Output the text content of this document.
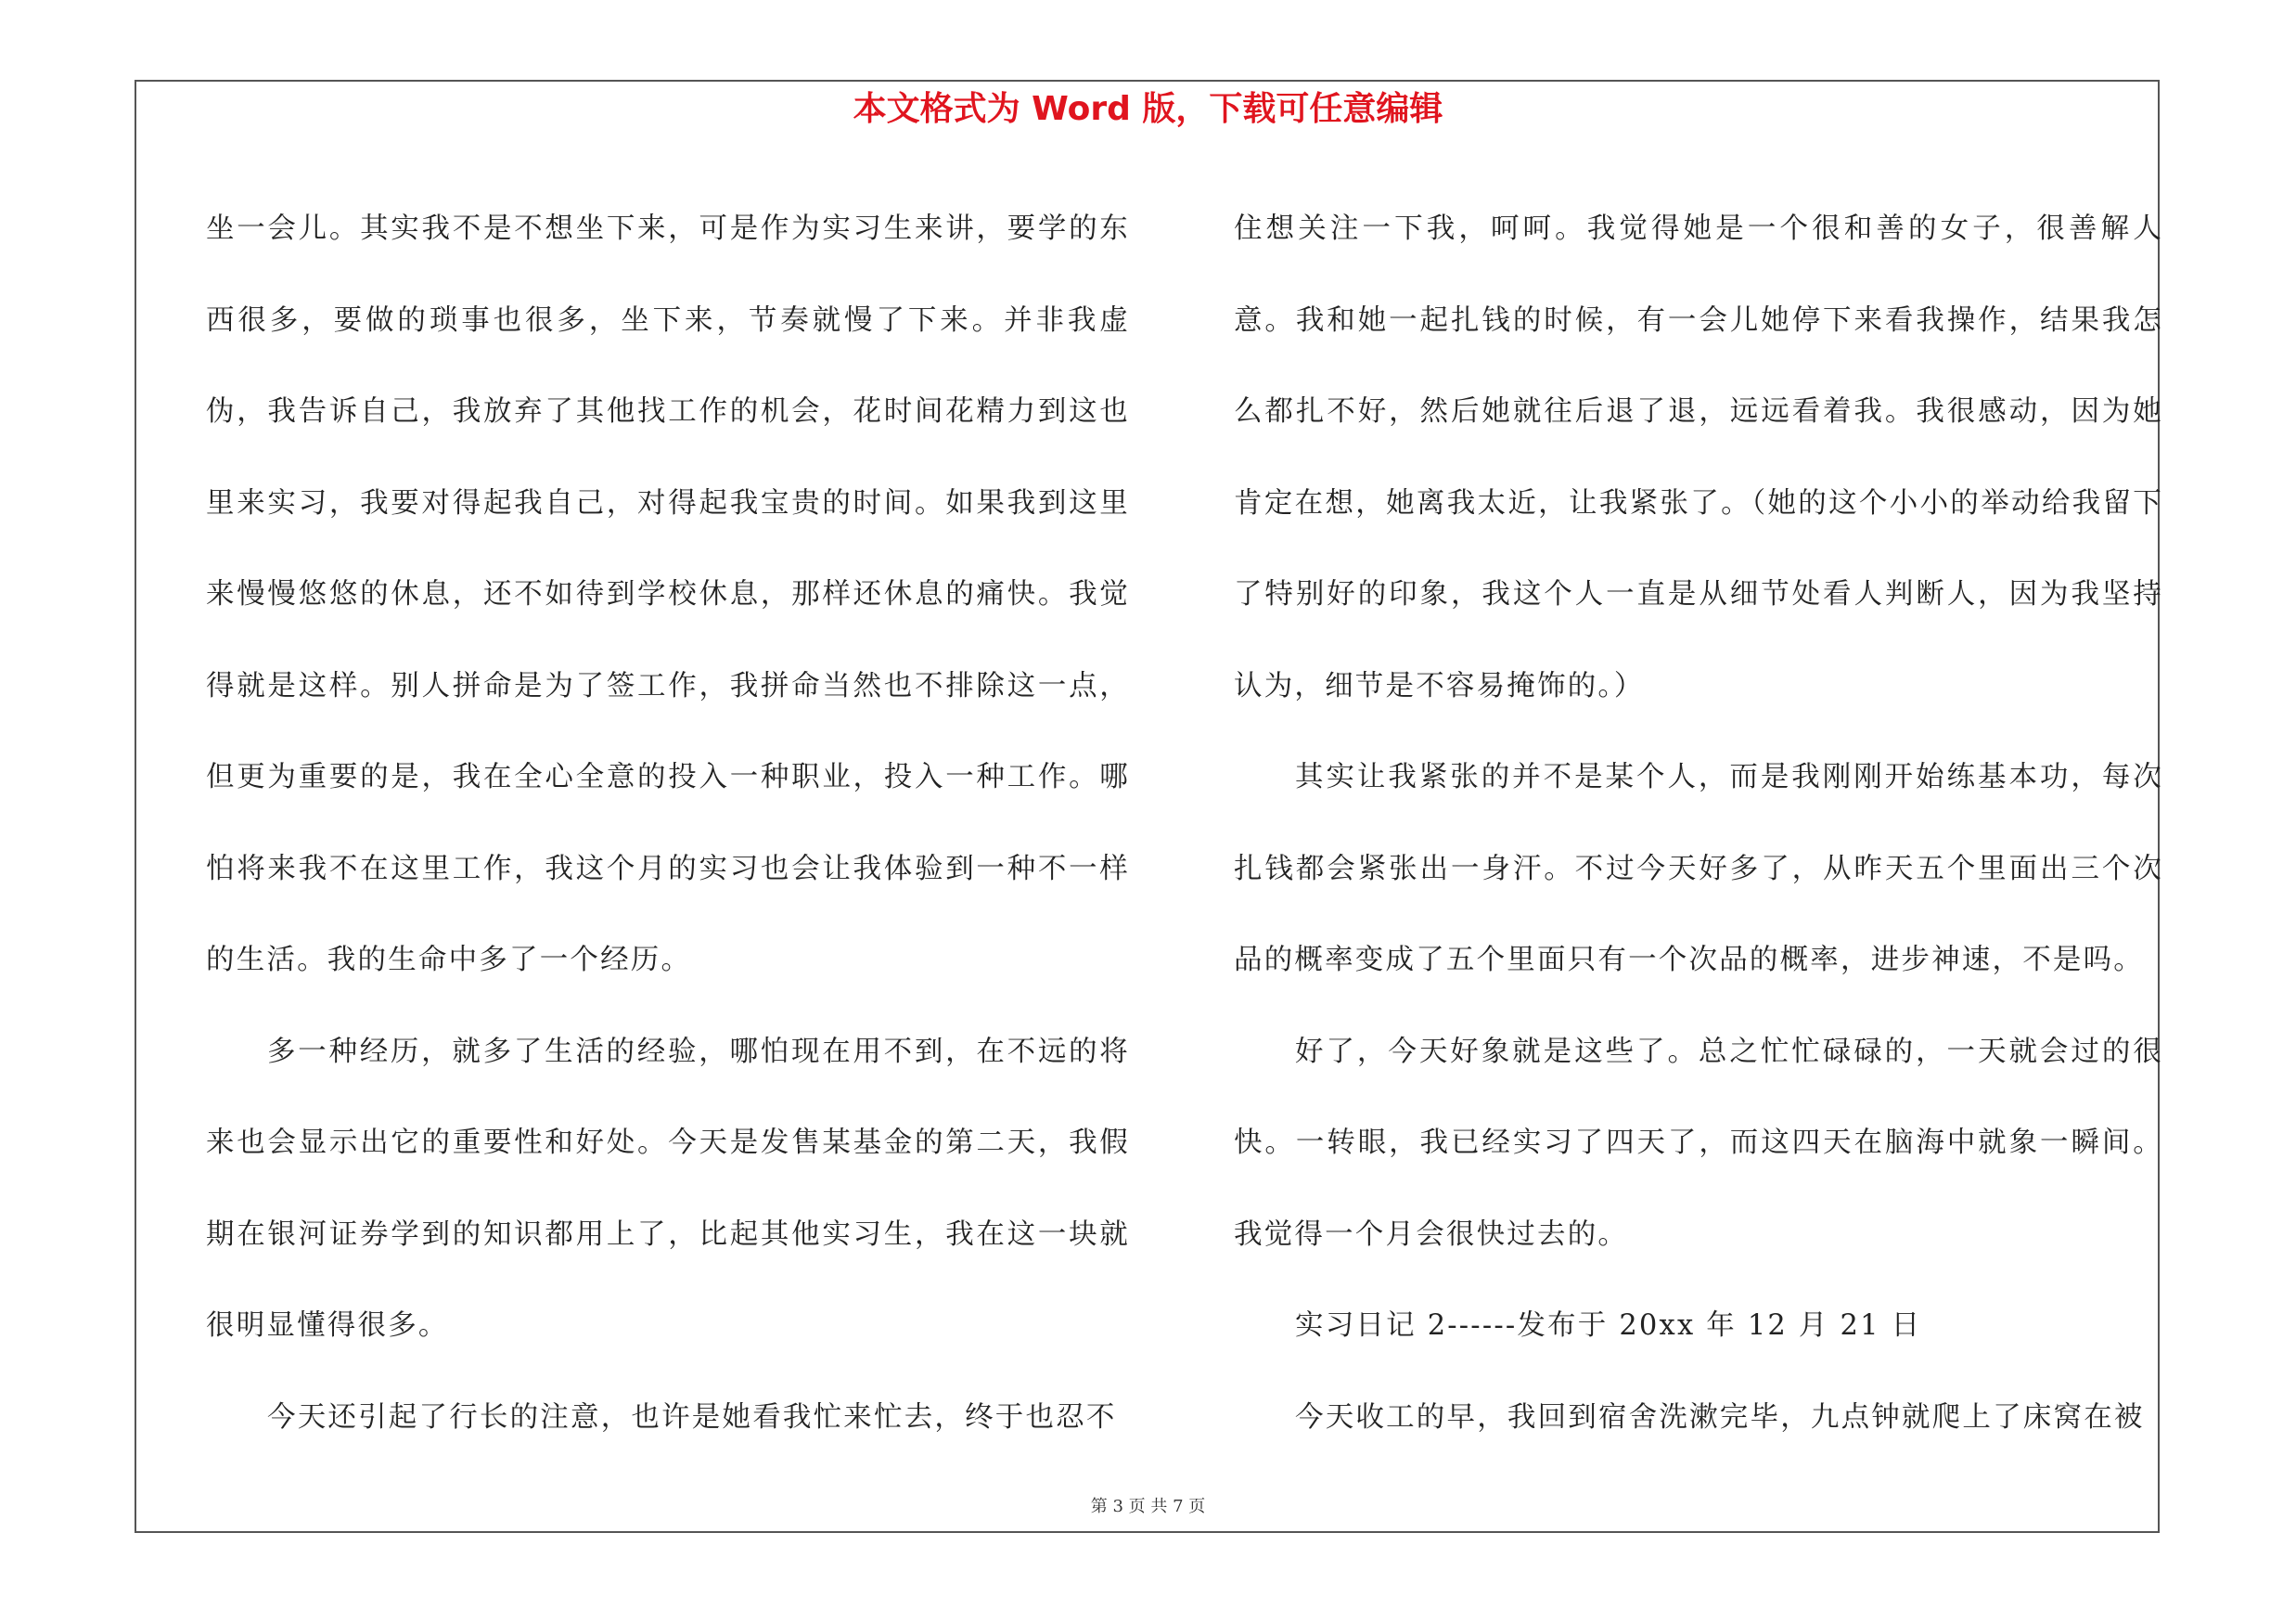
本文格式为 Word 版，下载可任意编辑

坐一会儿。其实我不是不想坐下来，可是作为实习生来讲，要学的东西很多，要做的琐事也很多，坐下来，节奏就慢了下来。并非我虚伪，我告诉自己，我放弃了其他找工作的机会，花时间花精力到这也里来实习，我要对得起我自己，对得起我宝贵的时间。如果我到这里来慢慢悠悠的休息，还不如待到学校休息，那样还休息的痛快。我觉得就是这样。别人拼命是为了签工作，我拼命当然也不排除这一点，但更为重要的是，我在全心全意的投入一种职业，投入一种工作。哪怕将来我不在这里工作，我这个月的实习也会让我体验到一种不一样的生活。我的生命中多了一个经历。

多一种经历，就多了生活的经验，哪怕现在用不到，在不远的将来也会显示出它的重要性和好处。今天是发售某基金的第二天，我假期在银河证券学到的知识都用上了，比起其他实习生，我在这一块就很明显懂得很多。

今天还引起了行长的注意，也许是她看我忙来忙去，终于也忍不

住想关注一下我，呵呵。我觉得她是一个很和善的女子，很善解人意。我和她一起扎钱的时候，有一会儿她停下来看我操作，结果我怎么都扎不好，然后她就往后退了退，远远看着我。我很感动，因为她肯定在想，她离我太近，让我紧张了。（她的这个小小的举动给我留下了特别好的印象，我这个人一直是从细节处看人判断人，因为我坚持认为，细节是不容易掩饰的。）

其实让我紧张的并不是某个人，而是我刚刚开始练基本功，每次扎钱都会紧张出一身汗。不过今天好多了，从昨天五个里面出三个次品的概率变成了五个里面只有一个次品的概率，进步神速，不是吗。

好了，今天好象就是这些了。总之忙忙碌碌的，一天就会过的很快。一转眼，我已经实习了四天了，而这四天在脑海中就象一瞬间。我觉得一个月会很快过去的。

实习日记 2------发布于 20xx 年 12 月 21 日

今天收工的早，我回到宿舍洗漱完毕，九点钟就爬上了床窝在被

第 3 页 共 7 页
